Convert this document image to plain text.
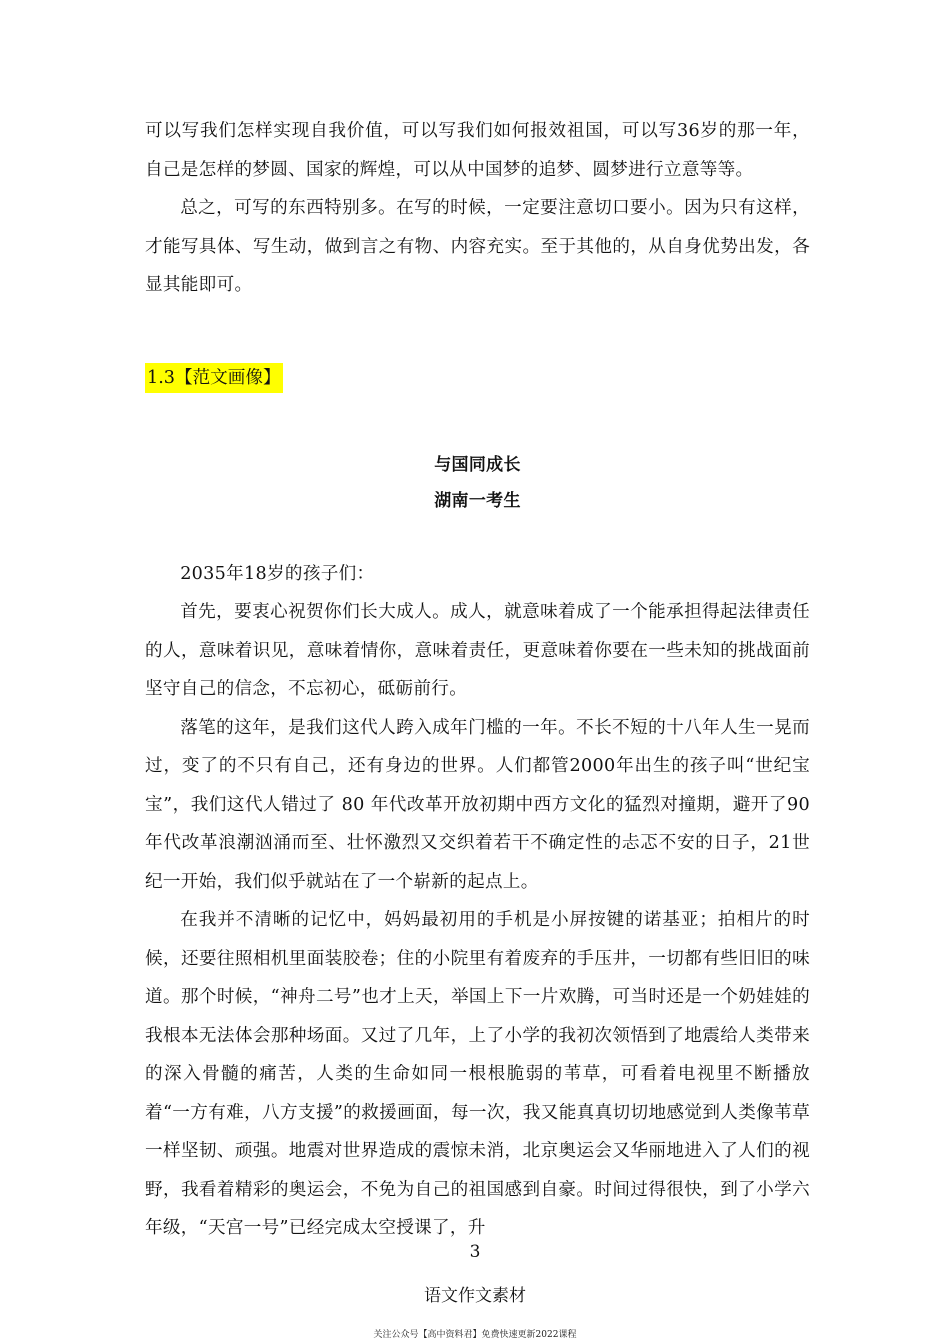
可以写我们怎样实现自我价值，可以写我们如何报效祖国，可以写36岁的那一年，自己是怎样的梦圆、国家的辉煌，可以从中国梦的追梦、圆梦进行立意等等。

总之，可写的东西特别多。在写的时候，一定要注意切口要小。因为只有这样，才能写具体、写生动，做到言之有物、内容充实。至于其他的，从自身优势出发，各显其能即可。

1.3【范文画像】

与国同成长

湖南一考生

2035年18岁的孩子们：

首先，要衷心祝贺你们长大成人。成人，就意味着成了一个能承担得起法律责任的人，意味着识见，意味着情你，意味着责任，更意味着你要在一些未知的挑战面前坚守自己的信念，不忘初心，砥砺前行。

落笔的这年，是我们这代人跨入成年门槛的一年。不长不短的十八年人生一晃而过，变了的不只有自己，还有身边的世界。人们都管2000年出生的孩子叫“世纪宝宝”，我们这代人错过了 80 年代改革开放初期中西方文化的猛烈对撞期，避开了90年代改革浪潮汹涌而至、壮怀激烈又交织着若干不确定性的忐忑不安的日子，21世纪一开始，我们似乎就站在了一个崭新的起点上。

在我并不清晰的记忆中，妈妈最初用的手机是小屏按键的诺基亚；拍相片的时候，还要往照相机里面装胶卷；住的小院里有着废弃的手压井，一切都有些旧旧的味道。那个时候，“神舟二号”也才上天，举国上下一片欢腾，可当时还是一个奶娃娃的我根本无法体会那种场面。又过了几年，上了小学的我初次领悟到了地震给人类带来的深入骨髓的痛苦，人类的生命如同一根根脆弱的苇草，可看着电视里不断播放着“一方有难，八方支援”的救援画面，每一次，我又能真真切切地感觉到人类像苇草一样坚韧、顽强。地震对世界造成的震惊未消，北京奥运会又华丽地进入了人们的视野，我看着精彩的奥运会，不免为自己的祖国感到自豪。时间过得很快，到了小学六年级，“天宫一号”已经完成太空授课了，升

3
语文作文素材
关注公众号【高中资料君】免费快速更新2022课程
